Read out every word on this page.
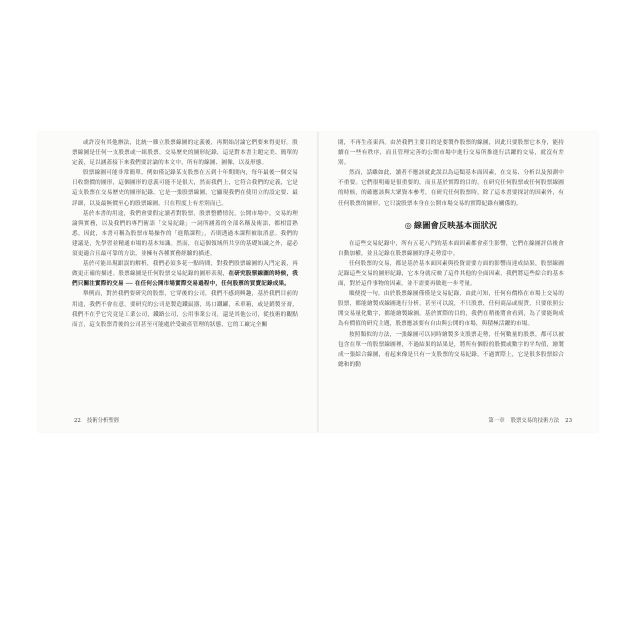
或許沒有其他辦法，比統一雜立股票線圖的定義後，再開始討論它們要來得更好。股票線圖是任何一支股票或一組股票，交易歷史的圖形紀錄，這是對本書主題完美、簡單的定義，足以涵蓋接下來我們要討論的本文中，所有的線圖、圖像，以及形態。

股票線圖可能非常簡單，例如僅記錄某支股票在五到十年期間內，每年最後一個交易日收盤價的圖形，這個圖形的意義可能不是很大，然而我們上，它符合我們的定義，它是這支股票在交易歷史的圖形紀錄。它是一張股票線圖，它顯現我們在使用立的設定要、最詳細，以及最無價至心的股票線圖，只在程度上有差別而已。

基於本書的用途，我們會要假定讀者對股票，股票整體情況，公開市場中，交易的理論與實務，以及我們的專門術語「交易紀錄」一詞所涵蓋的全部名稱及術語，都相當熟悉。因此，本書可稱為股票市場操作的「進階課程」，否則透過本課程被取消意。我們的建議是，先學習並精通市場的基本知識。然而，在這個領域所共享的基礎知識之外，還必須更適合且最可靠的方法，並擁有各種實務經驗的描述。

基於可能出現跟誤的解析，我們必須多花一點時間，對我們股票線圖的入門定義，再做更正確的描述。股票線圖是任何股票交易紀錄的圖形表現，在研究股票線圖的時候，我們只關注實際的交易 ── 在任何公開市場實際交易過程中，任何股票的買賣記錄成果。

舉例而，對於我們要研究的股票，它穿後的公司，我們不感到興趣，基於我們目前的用途，我們不會在意，要研究的公司是製造鐵鼠器，馬口鐵罐，禾車箱，或是銷製牙膏，我們不在乎它究竟是工業公司，鐵路公司，公用事業公司，還是其他公司，從技術的觀點而言，這支股票背後的公司甚至可能處於受破產管理的狀態，它的工廠完全關

22 技術分析聖經

閉，不再生產東西。由於我們主要目的是要製作股票的線圖，因此只要股票它本身，能持續在一些有秩序，而且管理完善的公開市場中進行交易所推進行活躍的交易，就沒有差別。

然而，話雖如此，讀者不應該就此誤以為這類基本面因素，在交易、分析以及預測中不重要。它們很明確是很重要的，而且基於實際的目的，在研究任何股票或任何股票線圖的時候，的確應該與大眾資本參考，在研究任何股票時，除了這本書要探討的因素外，有任何股票的圖形，它只說股票本身在公開市場交易的實際紀錄有關係的。

◎ 線圖會反映基本面狀況

在這些交易紀錄中，所有五花八門的基本面因素都會產生影響，它們在線圖評估後會自動加權，並且記錄在股票線圖的淨走勢當中。

任何股票的交易，都是基於基本面因素與投資需要方面的影響而達成結果，股票線圖記錄這些交易的圖形紀錄，它本身就反映了這件其他的全面因素，我們將這些綜合的基本面，對於這件事物的因素，並不需要再做進一步考量。

順便提一句，由於股票線圖僅僅是交易紀錄，由此可知，任何有價格在市場上交易的股票，都能繪製成線圖進行分析，甚至可以說，不只股票，任何商品或規貨，只要依照公開交易量化數字，都能繪製線圖。基於實際的目的，我們在稍後將會看到，為了要能夠成為有價值的研究主題，股票應該要有自由與公開的市場，與積極活躍的市場。

按照類似的方法，一張線圖可以同時繪製多支股票走勢，任何數量的股票，都可以被包含在單一的股票線圖裡，不過結果的結果是，將所有個股的股價或數字的平均值，繪製成一張綜合線圖，看起來像是只有一支股票的交易紀錄，不過實際上，它是很多股票綜合總和的動

第一章 股票交易的技術方法 23
